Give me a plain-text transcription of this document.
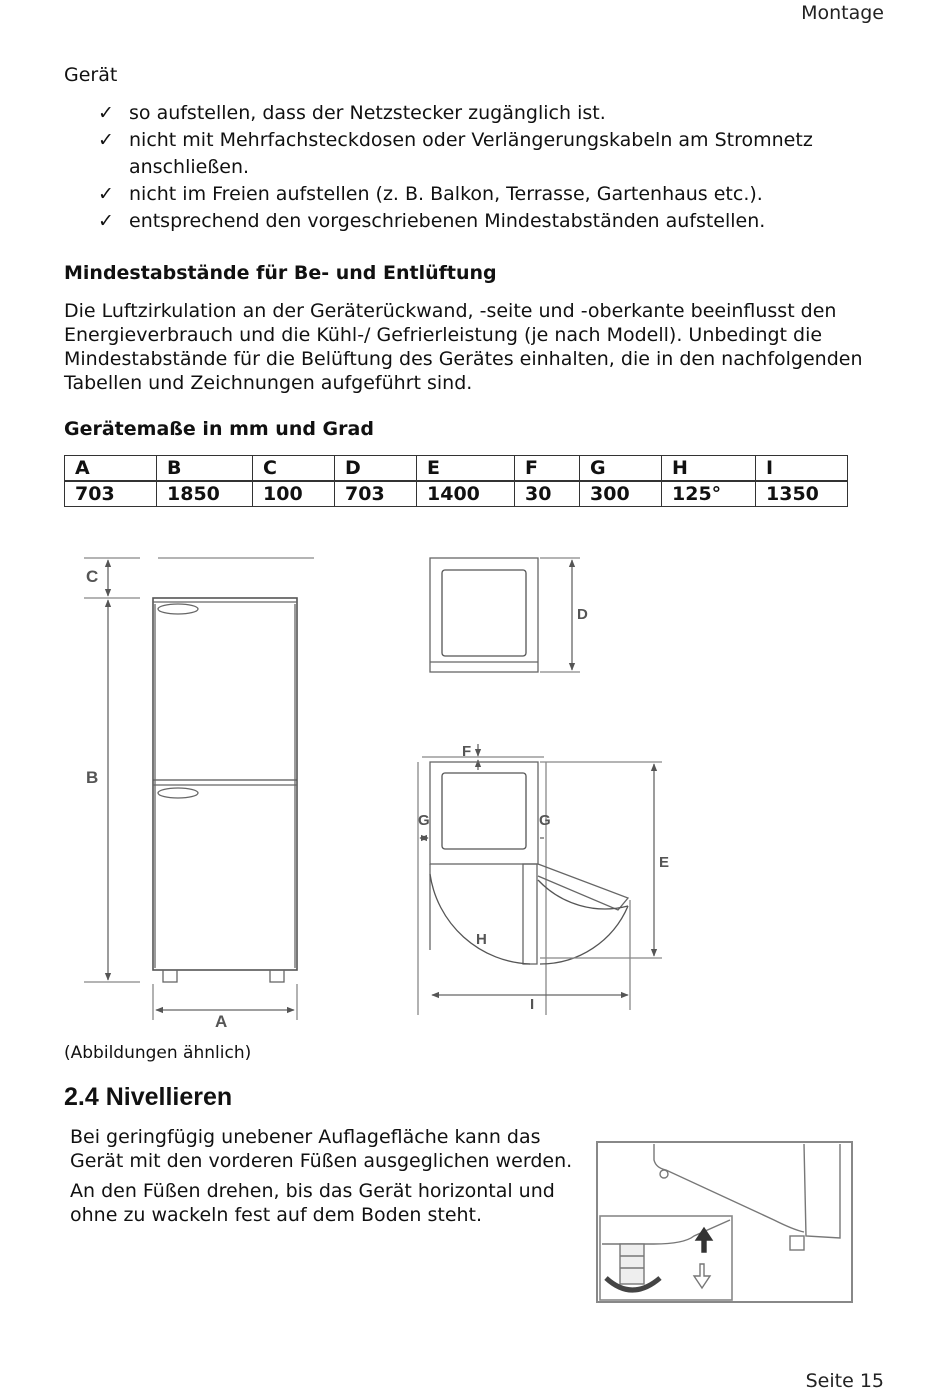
Montage
Gerät
✓ so aufstellen, dass der Netzstecker zugänglich ist.
✓ nicht mit Mehrfachsteckdosen oder Verlängerungskabeln am Stromnetz anschließen.
✓ nicht im Freien aufstellen (z. B. Balkon, Terrasse, Gartenhaus etc.).
✓ entsprechend den vorgeschriebenen Mindestabständen aufstellen.
Mindestabstände für Be- und Entlüftung

Die Luftzirkulation an der Geräterückwand, -seite und -oberkante beeinflusst den Energieverbrauch und die Kühl-/ Gefrierleistung (je nach Modell). Unbedingt die Mindestabstände für die Belüftung des Gerätes einhalten, die in den nachfolgenden Tabellen und Zeichnungen aufgeführt sind.

Gerätemaße in mm und Grad
A	B	C	D	E	F	G	H	I
703	1850	100	703	1400	30	300	125°	1350
C
B
A
D
F
G	G
H
E
I
(Abbildungen ähnlich)
2.4 Nivellieren

Bei geringfügig unebener Auflagefläche kann das Gerät mit den vorderen Füßen ausgeglichen werden.

An den Füßen drehen, bis das Gerät horizontal und ohne zu wackeln fest auf dem Boden steht.

Seite 15
